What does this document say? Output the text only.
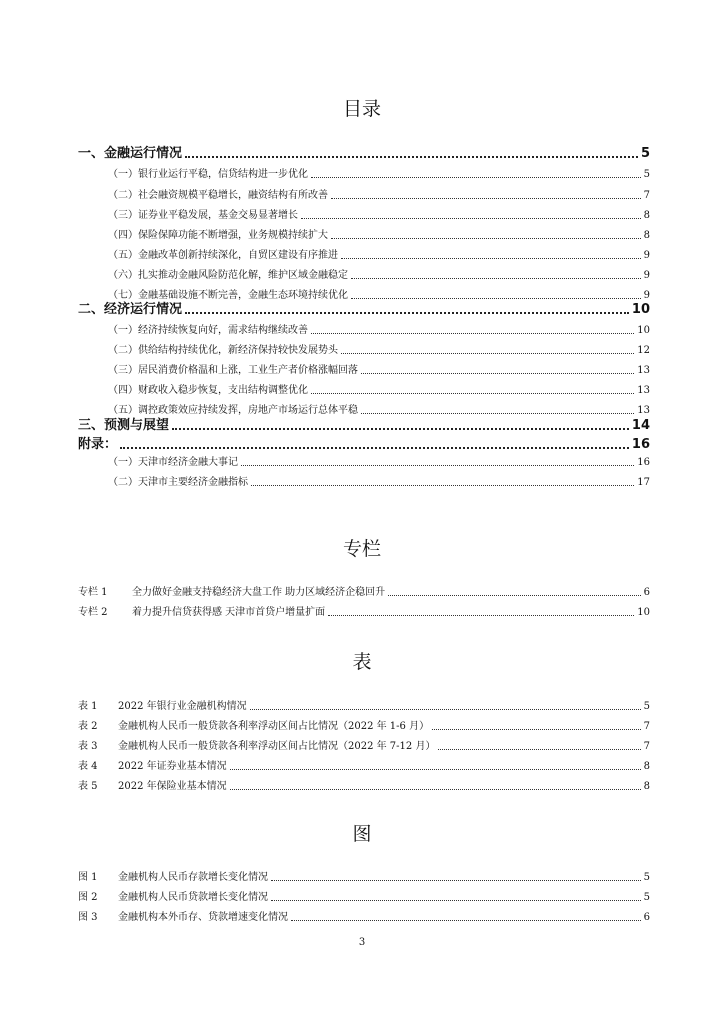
目录
一、金融运行情况	5
（一）银行业运行平稳，信贷结构进一步优化	5
（二）社会融资规模平稳增长，融资结构有所改善	7
（三）证券业平稳发展，基金交易显著增长	8
（四）保险保障功能不断增强，业务规模持续扩大	8
（五）金融改革创新持续深化，自贸区建设有序推进	9
（六）扎实推动金融风险防范化解，维护区域金融稳定	9
（七）金融基础设施不断完善，金融生态环境持续优化	9
二、经济运行情况	10
（一）经济持续恢复向好，需求结构继续改善	10
（二）供给结构持续优化，新经济保持较快发展势头	12
（三）居民消费价格温和上涨，工业生产者价格涨幅回落	13
（四）财政收入稳步恢复，支出结构调整优化	13
（五）调控政策效应持续发挥，房地产市场运行总体平稳	13
三、预测与展望	14
附录：	16
（一）天津市经济金融大事记	16
（二）天津市主要经济金融指标	17
专栏
专栏 1	全力做好金融支持稳经济大盘工作 助力区域经济企稳回升	6
专栏 2	着力提升信贷获得感 天津市首贷户增量扩面	10
表
表 1	2022 年银行业金融机构情况	5
表 2	金融机构人民币一般贷款各利率浮动区间占比情况（2022 年 1-6 月）	7
表 3	金融机构人民币一般贷款各利率浮动区间占比情况（2022 年 7-12 月）	7
表 4	2022 年证券业基本情况	8
表 5	2022 年保险业基本情况	8
图
图 1	金融机构人民币存款增长变化情况	5
图 2	金融机构人民币贷款增长变化情况	5
图 3	金融机构本外币存、贷款增速变化情况	6
3
